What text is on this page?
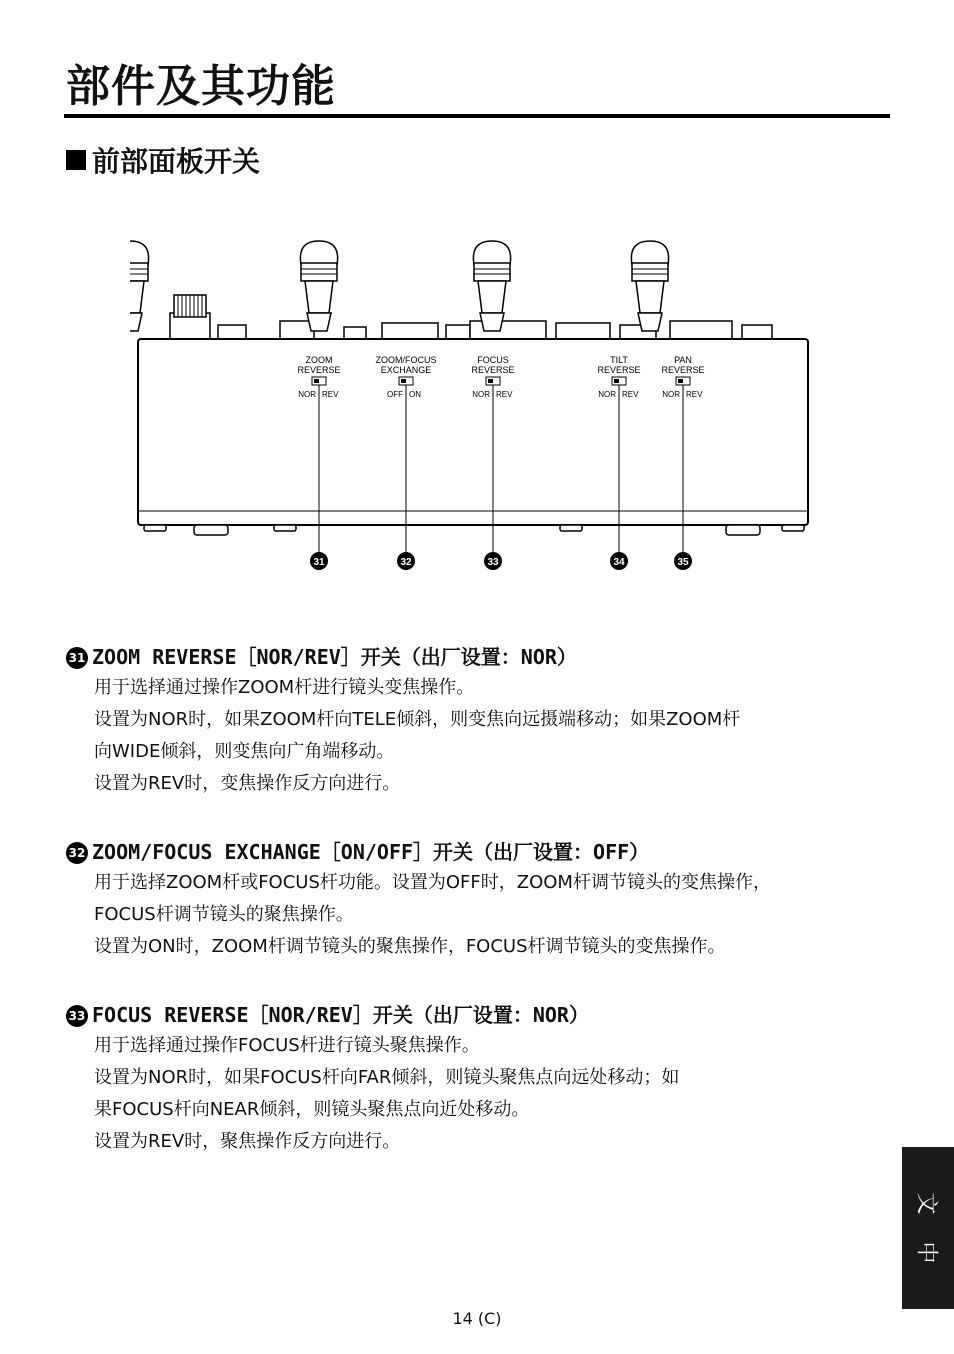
部件及其功能
前部面板开关
ZOOM
REVERSE
NOR REV
31
ZOOM/FOCUS
EXCHANGE
OFF ON
32
FOCUS
REVERSE
NOR REV
33
TILT
REVERSE
NOR REV
34
PAN
REVERSE
NOR REV
35
31 ZOOM REVERSE［NOR/REV］开关（出厂设置：NOR）
用于选择通过操作ZOOM杆进行镜头变焦操作。
设置为NOR时，如果ZOOM杆向TELE倾斜，则变焦向远摄端移动；如果ZOOM杆
向WIDE倾斜，则变焦向广角端移动。
设置为REV时，变焦操作反方向进行。
32 ZOOM/FOCUS EXCHANGE［ON/OFF］开关（出厂设置：OFF）
用于选择ZOOM杆或FOCUS杆功能。设置为OFF时，ZOOM杆调节镜头的变焦操作，
FOCUS杆调节镜头的聚焦操作。
设置为ON时，ZOOM杆调节镜头的聚焦操作，FOCUS杆调节镜头的变焦操作。
33 FOCUS REVERSE［NOR/REV］开关（出厂设置：NOR）
用于选择通过操作FOCUS杆进行镜头聚焦操作。
设置为NOR时，如果FOCUS杆向FAR倾斜，则镜头聚焦点向远处移动；如
果FOCUS杆向NEAR倾斜，则镜头聚焦点向近处移动。
设置为REV时，聚焦操作反方向进行。
文
中
14 (C)
